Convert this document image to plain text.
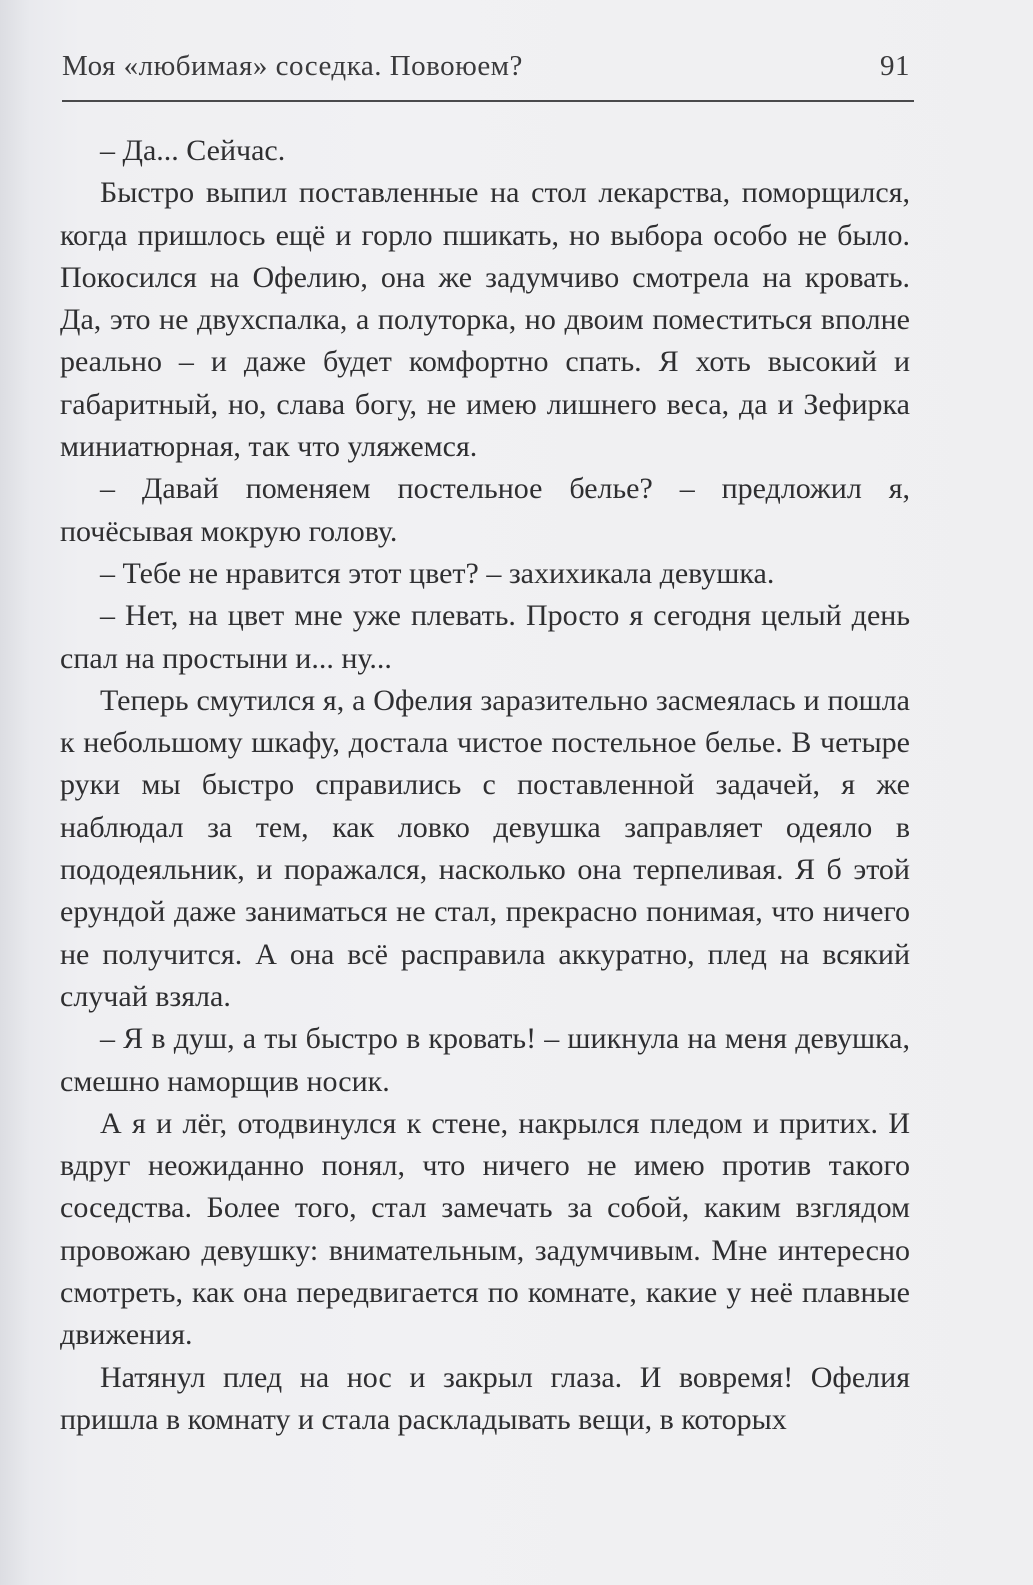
Моя «любимая» соседка. Повоюем?	91

– Да... Сейчас.

Быстро выпил поставленные на стол лекарства, поморщился, когда пришлось ещё и горло пшикать, но выбора особо не было. Покосился на Офелию, она же задумчиво смотрела на кровать. Да, это не двухспалка, а полуторка, но двоим поместиться вполне реально – и даже будет комфортно спать. Я хоть высокий и габаритный, но, слава богу, не имею лишнего веса, да и Зефирка миниатюрная, так что уляжемся.

– Давай поменяем постельное белье? – предложил я, почёсывая мокрую голову.

– Тебе не нравится этот цвет? – захихикала девушка.

– Нет, на цвет мне уже плевать. Просто я сегодня целый день спал на простыни и... ну...

Теперь смутился я, а Офелия заразительно засмеялась и пошла к небольшому шкафу, достала чистое постельное белье. В четыре руки мы быстро справились с поставленной задачей, я же наблюдал за тем, как ловко девушка заправляет одеяло в пододеяльник, и поражался, насколько она терпеливая. Я б этой ерундой даже заниматься не стал, прекрасно понимая, что ничего не получится. А она всё расправила аккуратно, плед на всякий случай взяла.

– Я в душ, а ты быстро в кровать! – шикнула на меня девушка, смешно наморщив носик.

А я и лёг, отодвинулся к стене, накрылся пледом и притих. И вдруг неожиданно понял, что ничего не имею против такого соседства. Более того, стал замечать за собой, каким взглядом провожаю девушку: внимательным, задумчивым. Мне интересно смотреть, как она передвигается по комнате, какие у неё плавные движения.

Натянул плед на нос и закрыл глаза. И вовремя! Офелия пришла в комнату и стала раскладывать вещи, в которых
